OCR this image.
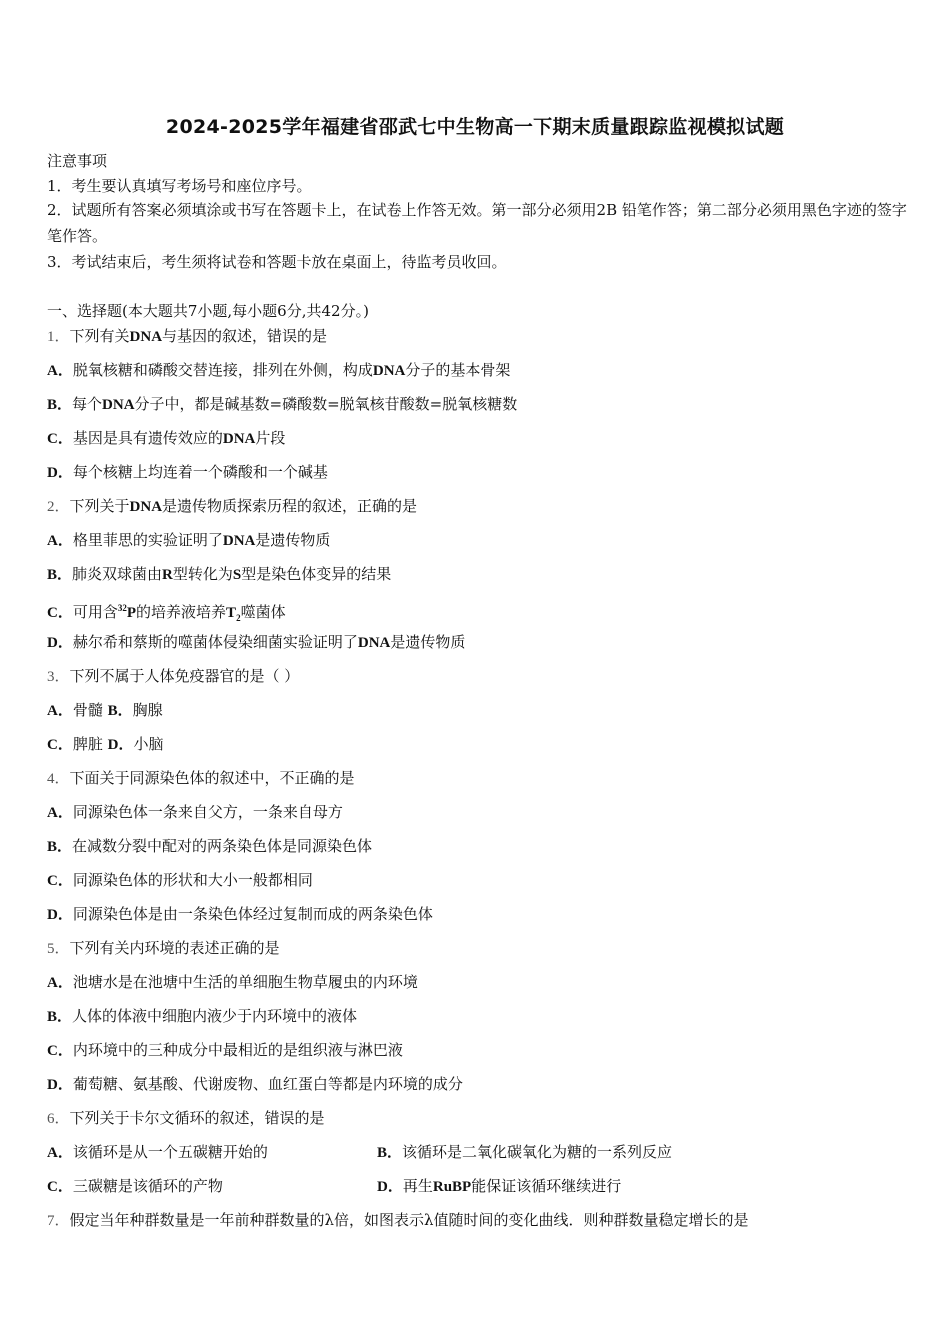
2024-2025学年福建省邵武七中生物高一下期末质量跟踪监视模拟试题
注意事项
1．考生要认真填写考场号和座位序号。
2．试题所有答案必须填涂或书写在答题卡上，在试卷上作答无效。第一部分必须用2B 铅笔作答；第二部分必须用黑色字迹的签字笔作答。
3．考试结束后，考生须将试卷和答题卡放在桌面上，待监考员收回。
一、选择题(本大题共7小题,每小题6分,共42分。)
1．下列有关DNA与基因的叙述，错误的是
A．脱氧核糖和磷酸交替连接，排列在外侧，构成DNA分子的基本骨架
B．每个DNA分子中，都是碱基数=磷酸数=脱氧核苷酸数=脱氧核糖数
C．基因是具有遗传效应的DNA片段
D．每个核糖上均连着一个磷酸和一个碱基
2．下列关于DNA是遗传物质探索历程的叙述，正确的是
A．格里菲思的实验证明了DNA是遗传物质
B．肺炎双球菌由R型转化为S型是染色体变异的结果
C．可用含$^{32}$P的培养液培养$T_2$噬菌体
D．赫尔希和蔡斯的噬菌体侵染细菌实验证明了DNA是遗传物质
3．下列不属于人体免疫器官的是（ ）
A．骨髓 B．胸腺
C．脾脏 D．小脑
4．下面关于同源染色体的叙述中，不正确的是
A．同源染色体一条来自父方，一条来自母方
B．在减数分裂中配对的两条染色体是同源染色体
C．同源染色体的形状和大小一般都相同
D．同源染色体是由一条染色体经过复制而成的两条染色体
5．下列有关内环境的表述正确的是
A．池塘水是在池塘中生活的单细胞生物草履虫的内环境
B．人体的体液中细胞内液少于内环境中的液体
C．内环境中的三种成分中最相近的是组织液与淋巴液
D．葡萄糖、氨基酸、代谢废物、血红蛋白等都是内环境的成分
6．下列关于卡尔文循环的叙述，错误的是
A．该循环是从一个五碳糖开始的	B．该循环是二氧化碳氧化为糖的一系列反应
C．三碳糖是该循环的产物	D．再生RuBP能保证该循环继续进行
7．假定当年种群数量是一年前种群数量的λ倍，如图表示λ值随时间的变化曲线．则种群数量稳定增长的是
